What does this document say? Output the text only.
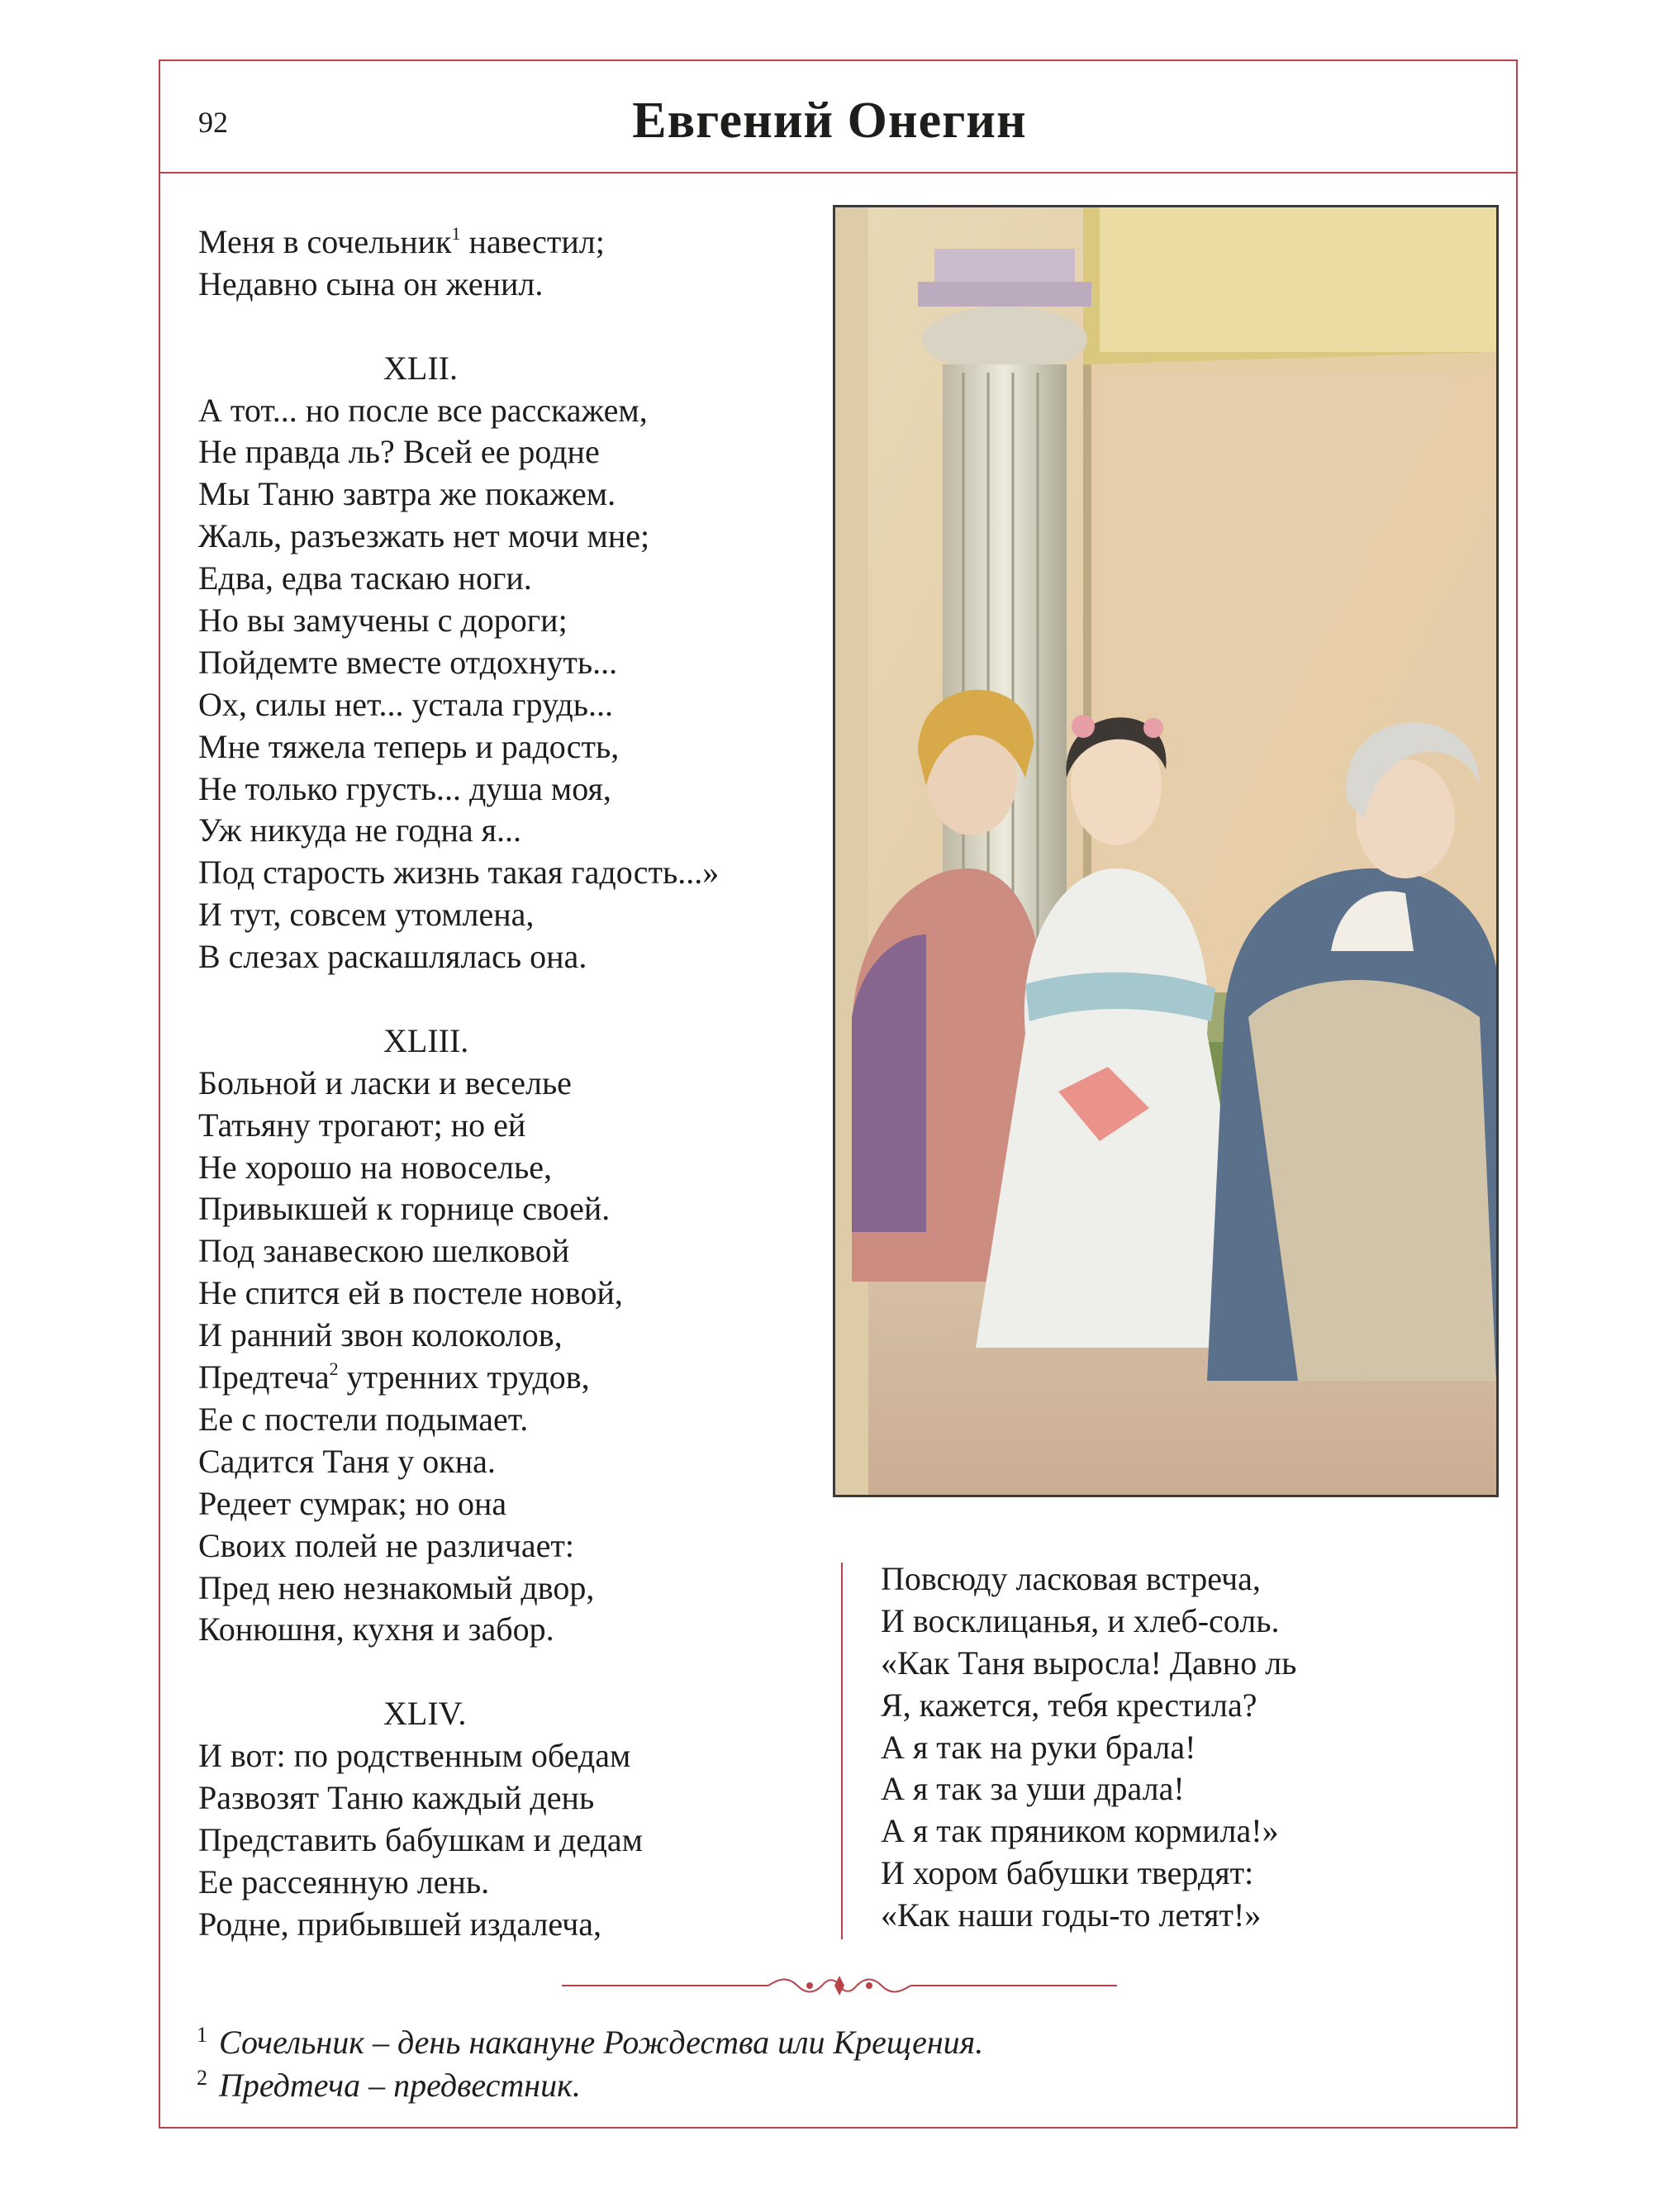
92	Евгений Онегин
Меня в сочельник$^1$ навестил;
Недавно сына он женил.
XLII.
А тот... но после все расскажем,
Не правда ль? Всей ее родне
Мы Таню завтра же покажем.
Жаль, разъезжать нет мочи мне;
Едва, едва таскаю ноги.
Но вы замучены с дороги;
Пойдемте вместе отдохнуть...
Ох, силы нет... устала грудь...
Мне тяжела теперь и радость,
Не только грусть... душа моя,
Уж никуда не годна я...
Под старость жизнь такая гадость...»
И тут, совсем утомлена,
В слезах раскашлялась она.
XLIII.
Больной и ласки и веселье
Татьяну трогают; но ей
Не хорошо на новоселье,
Привыкшей к горнице своей.
Под занавескою шелковой
Не спится ей в постеле новой,
И ранний звон колоколов,
Предтеча$^2$ утренних трудов,
Ее с постели подымает.
Садится Таня у окна.
Редеет сумрак; но она
Своих полей не различает:
Пред нею незнакомый двор,
Конюшня, кухня и забор.
XLIV.
И вот: по родственным обедам
Развозят Таню каждый день
Представить бабушкам и дедам
Ее рассеянную лень.
Родне, прибывшей издалеча,
Повсюду ласковая встреча,
И восклицанья, и хлеб-соль.
«Как Таня выросла! Давно ль
Я, кажется, тебя крестила?
А я так на руки брала!
А я так за уши драла!
А я так пряником кормила!»
И хором бабушки твердят:
«Как наши годы-то летят!»
$^1$ Сочельник – день накануне Рождества или Крещения.
$^2$ Предтеча – предвестник.
